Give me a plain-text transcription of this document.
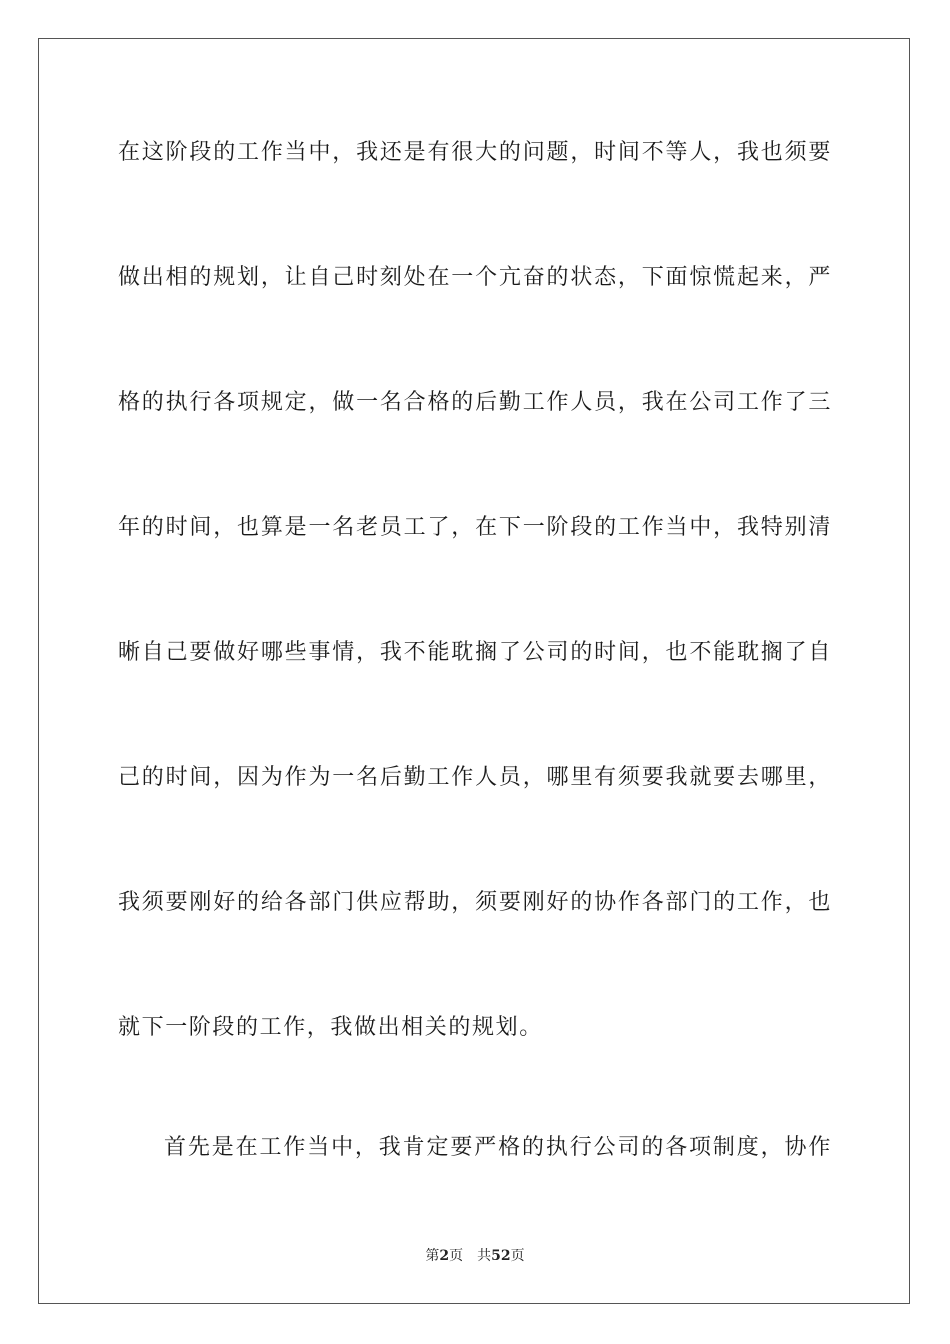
在这阶段的工作当中，我还是有很大的问题，时间不等人，我也须要
做出相的规划，让自己时刻处在一个亢奋的状态，下面惊慌起来，严
格的执行各项规定，做一名合格的后勤工作人员，我在公司工作了三
年的时间，也算是一名老员工了，在下一阶段的工作当中，我特别清
晰自己要做好哪些事情，我不能耽搁了公司的时间，也不能耽搁了自
己的时间，因为作为一名后勤工作人员，哪里有须要我就要去哪里，
我须要刚好的给各部门供应帮助，须要刚好的协作各部门的工作，也
就下一阶段的工作，我做出相关的规划。
首先是在工作当中，我肯定要严格的执行公司的各项制度，协作
第2页 共52页
